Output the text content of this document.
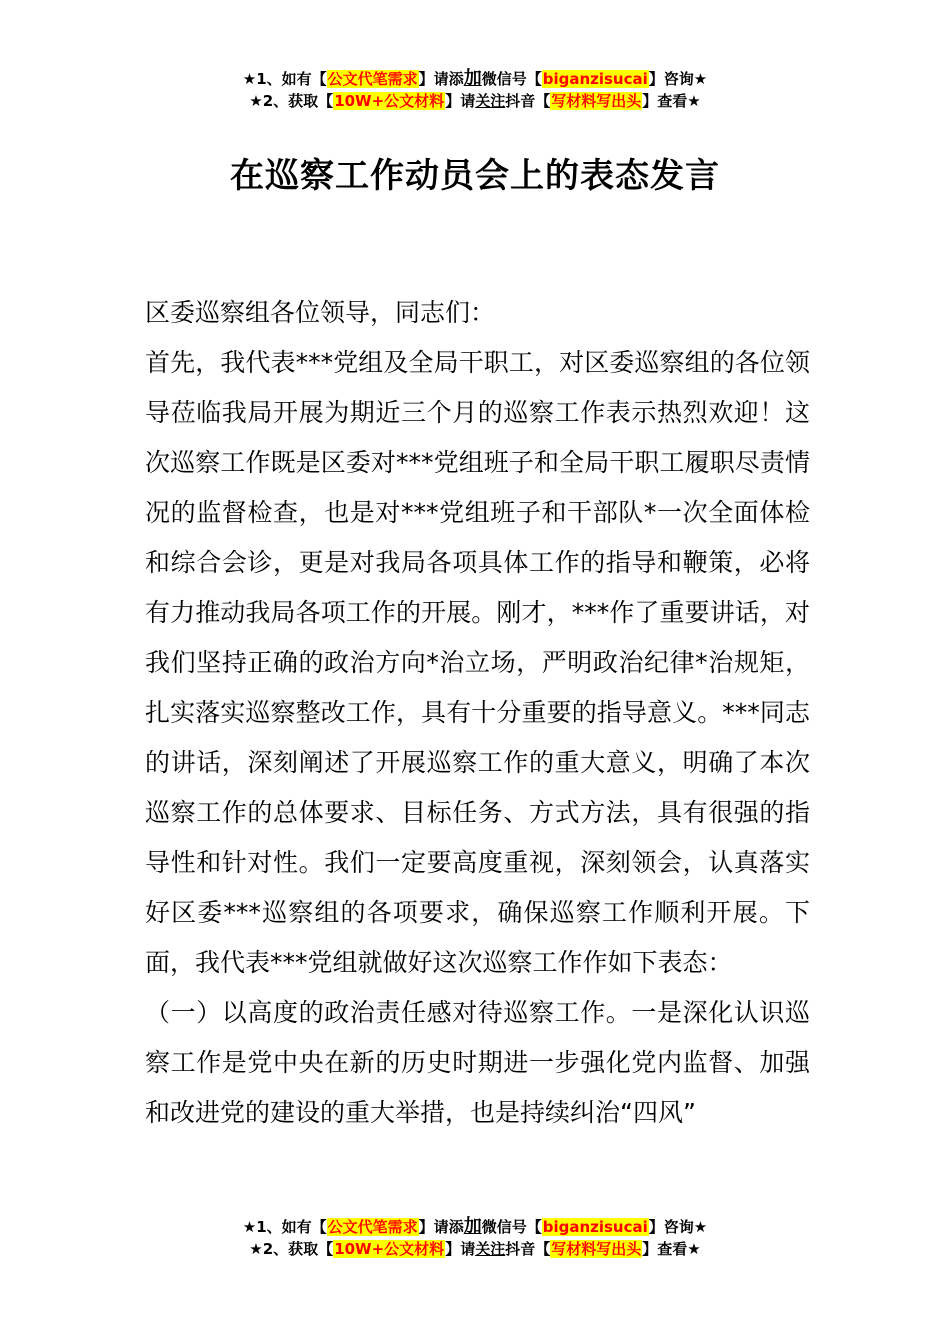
★1、如有【公文代笔需求】请添加微信号【biganzisucai】咨询★
★2、获取【10W+公文材料】请关注抖音【写材料写出头】查看★
在巡察工作动员会上的表态发言

区委巡察组各位领导，同志们：

首先，我代表***党组及全局干职工，对区委巡察组的各位领导莅临我局开展为期近三个月的巡察工作表示热烈欢迎！这次巡察工作既是区委对***党组班子和全局干职工履职尽责情况的监督检查，也是对***党组班子和干部队*一次全面体检和综合会诊，更是对我局各项具体工作的指导和鞭策，必将有力推动我局各项工作的开展。刚才，***作了重要讲话，对我们坚持正确的政治方向*治立场，严明政治纪律*治规矩，扎实落实巡察整改工作，具有十分重要的指导意义。***同志的讲话，深刻阐述了开展巡察工作的重大意义，明确了本次巡察工作的总体要求、目标任务、方式方法，具有很强的指导性和针对性。我们一定要高度重视，深刻领会，认真落实好区委***巡察组的各项要求，确保巡察工作顺利开展。下面，我代表***党组就做好这次巡察工作作如下表态：

（一）以高度的政治责任感对待巡察工作。一是深化认识巡察工作是党中央在新的历史时期进一步强化党内监督、加强和改进党的建设的重大举措，也是持续纠治“四风”

★1、如有【公文代笔需求】请添加微信号【biganzisucai】咨询★
★2、获取【10W+公文材料】请关注抖音【写材料写出头】查看★
